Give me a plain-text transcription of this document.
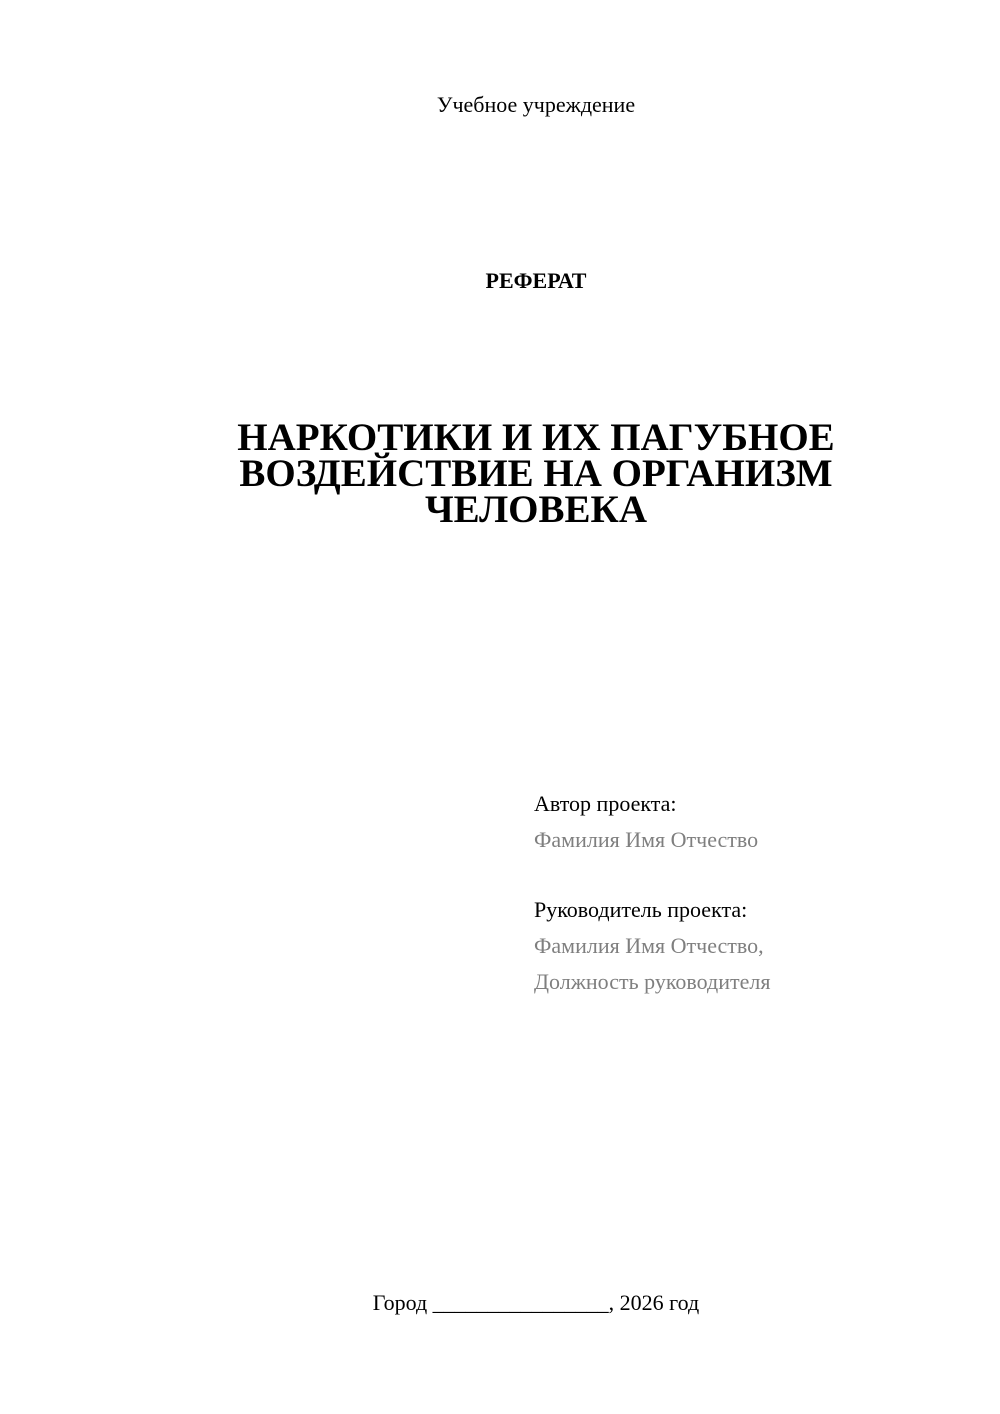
Учебное учреждение
РЕФЕРАТ
НАРКОТИКИ И ИХ ПАГУБНОЕ
ВОЗДЕЙСТВИЕ НА ОРГАНИЗМ
ЧЕЛОВЕКА
Автор проекта:
Фамилия Имя Отчество
Руководитель проекта:
Фамилия Имя Отчество,
Должность руководителя
Город ________________, 2026 год
